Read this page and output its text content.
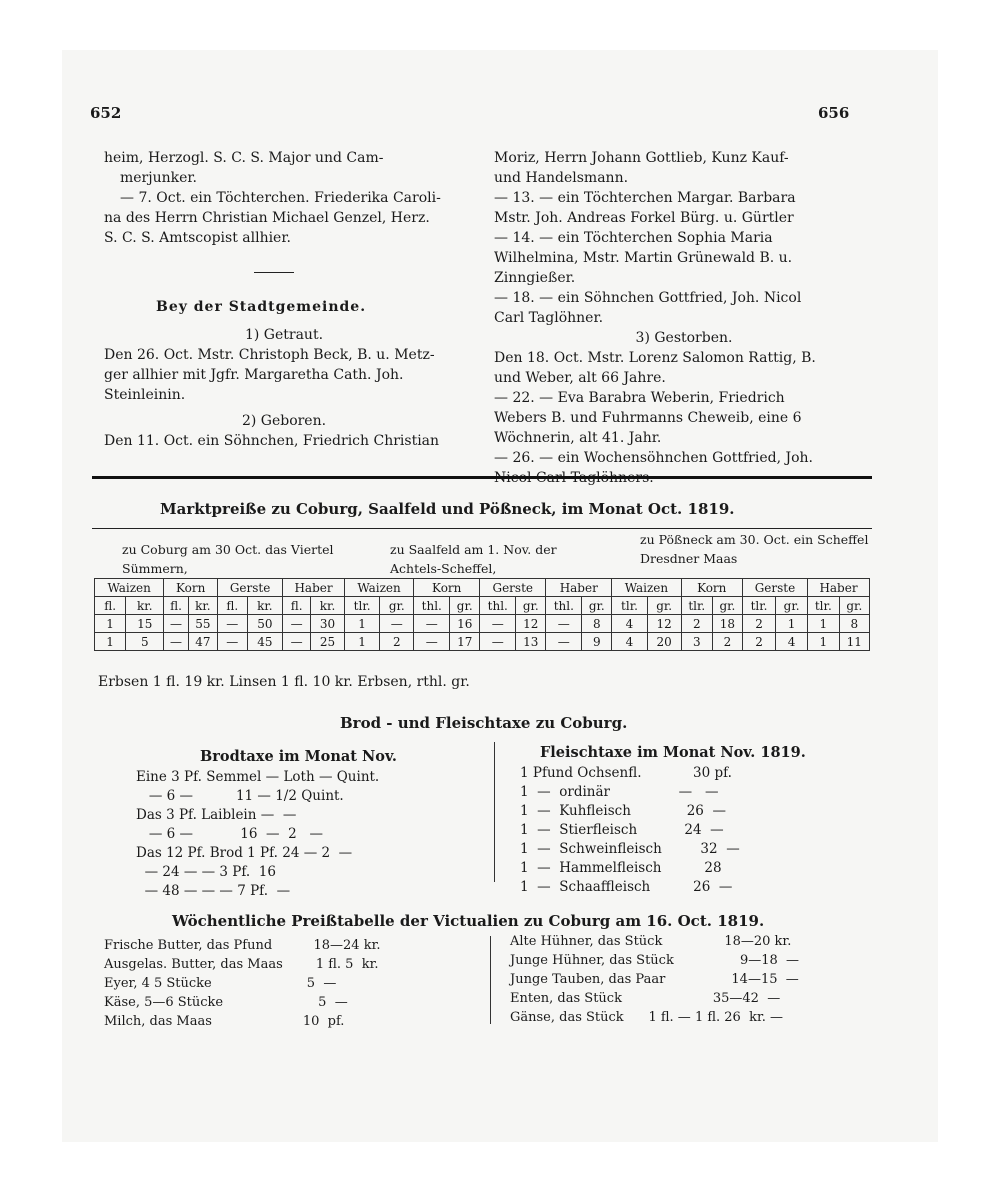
652	656

heim, Herzogl. S. C. S. Major und Cam-

merjunker.

— 7. Oct. ein Töchterchen. Friederika Caroli-

na des Herrn Christian Michael Genzel, Herz.

S. C. S. Amtscopist allhier.

Bey der Stadtgemeinde.

1) Getraut.

Den 26. Oct. Mstr. Christoph Beck, B. u. Metz-

ger allhier mit Jgfr. Margaretha Cath. Joh.

Steinleinin.

2) Geboren.

Den 11. Oct. ein Söhnchen, Friedrich Christian

Moriz, Herrn Johann Gottlieb, Kunz Kauf-

und Handelsmann.

— 13. — ein Töchterchen Margar. Barbara

Mstr. Joh. Andreas Forkel Bürg. u. Gürtler

— 14. — ein Töchterchen Sophia Maria

Wilhelmina, Mstr. Martin Grünewald B. u.

Zinngießer.

— 18. — ein Söhnchen Gottfried, Joh. Nicol

Carl Taglöhner.

3) Gestorben.

Den 18. Oct. Mstr. Lorenz Salomon Rattig, B.

und Weber, alt 66 Jahre.

— 22. — Eva Barabra Weberin, Friedrich

Webers B. und Fuhrmanns Cheweib, eine 6

Wöchnerin, alt 41. Jahr.

— 26. — ein Wochensöhnchen Gottfried, Joh.

Nicol Carl Taglöhners.

Marktpreiße zu Coburg, Saalfeld und Pößneck, im Monat Oct. 1819.
zu Coburg am 30 Oct. das Viertel Sümmern,
zu Saalfeld am 1. Nov. der Achtels-Scheffel,
zu Pößneck am 30. Oct. ein Scheffel Dresdner Maas
Waizen		Korn		Gerste		Haber		Waizen		Korn		Gerste		Haber		Waizen		Korn		Gerste		Haber	
fl.	kr.	fl.	kr.	fl.	kr.	fl.	kr.	tlr.	gr.	thl.	gr.	thl.	gr.	thl.	gr.	tlr.	gr.	tlr.	gr.	tlr.	gr.	tlr.	gr.
1	15	—	55	—	50	—	30	1	—	—	16	—	12	—	8	4	12	2	18	2	1	1	8
1	5	—	47	—	45	—	25	1	2	—	17	—	13	—	9	4	20	3	2	2	4	1	11
Erbsen 1 fl. 19 kr. Linsen 1 fl. 10 kr. Erbsen, rthl. gr.
Brod - und Fleischtaxe zu Coburg.
Brodtaxe im Monat Nov.	Fleischtaxe im Monat Nov. 1819.
Eine 3 Pf. Semmel — Loth — Quint.
— 6 —          11 — 1/2 Quint.
Das 3 Pf. Laiblein —  —
— 6 —           16  —  2   —
Das 12 Pf. Brod 1 Pf. 24 — 2  —
— 24 — — 3 Pf.  16
— 48 — — — 7 Pf.  —
1 Pfund Ochsenfl.            30 pf.
1  —  ordinär                —   —
1  —  Kuhfleisch             26  —
1  —  Stierfleisch           24  —
1  —  Schweinfleisch         32  —
1  —  Hammelfleisch          28
1  —  Schaaffleisch          26  —
Wöchentliche Preißtabelle der Victualien zu Coburg am 16. Oct. 1819.
Frische Butter, das Pfund          18—24 kr.
Ausgelas. Butter, das Maas        1 fl. 5  kr.
Eyer, 4 5 Stücke                       5  —
Käse, 5—6 Stücke                       5  —
Milch, das Maas                      10  pf.
Alte Hühner, das Stück               18—20 kr.
Junge Hühner, das Stück                9—18  —
Junge Tauben, das Paar                14—15  —
Enten, das Stück                      35—42  —
Gänse, das Stück      1 fl. — 1 fl. 26  kr. —
